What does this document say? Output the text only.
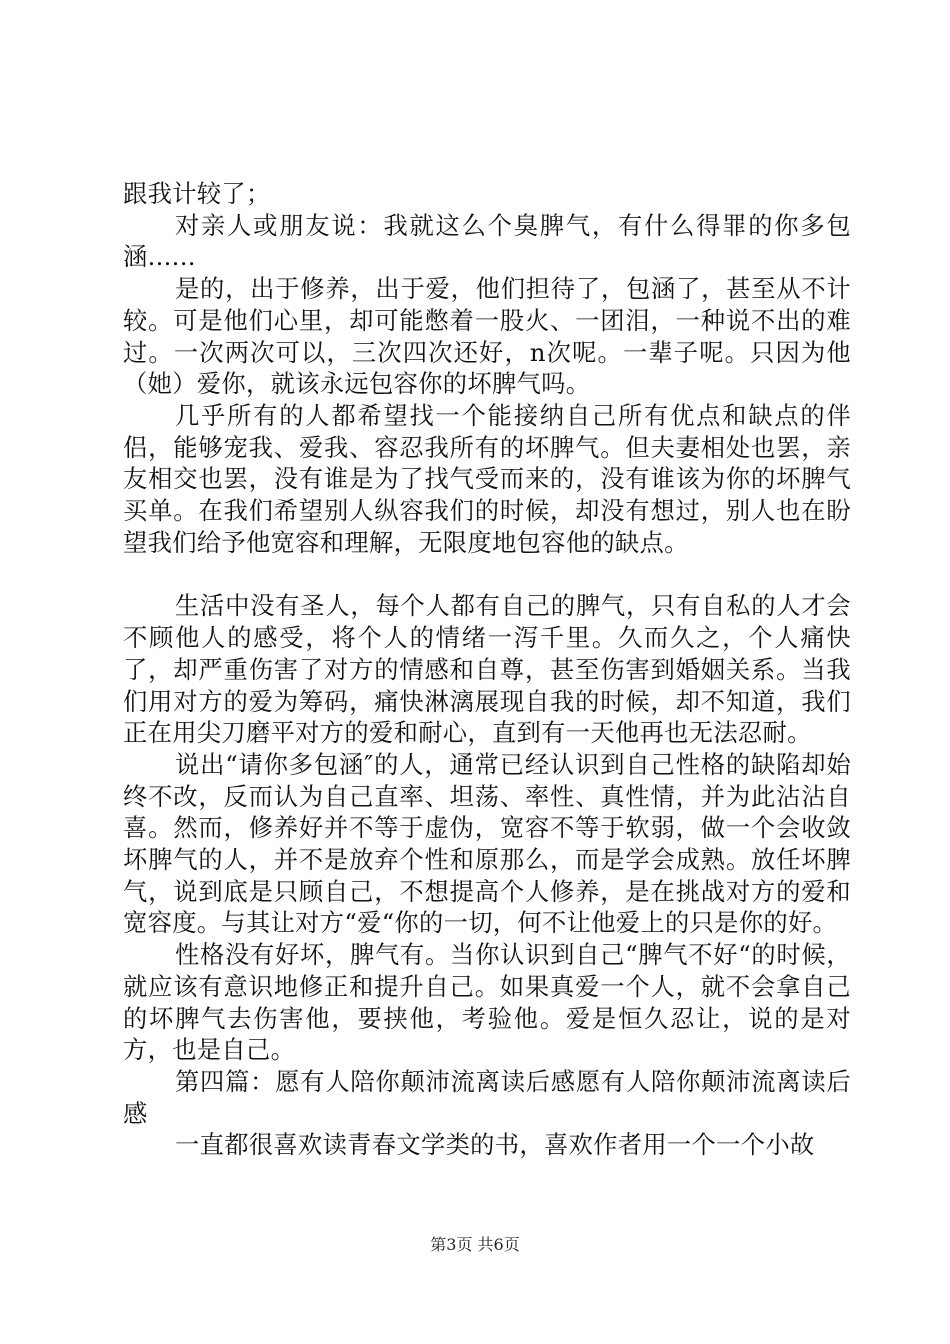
跟我计较了；

对亲人或朋友说：我就这么个臭脾气，有什么得罪的你多包涵......

是的，出于修养，出于爱，他们担待了，包涵了，甚至从不计较。可是他们心里，却可能憋着一股火、一团泪，一种说不出的难过。一次两次可以，三次四次还好，n次呢。一辈子呢。只因为他（她）爱你，就该永远包容你的坏脾气吗。

几乎所有的人都希望找一个能接纳自己所有优点和缺点的伴侣，能够宠我、爱我、容忍我所有的坏脾气。但夫妻相处也罢，亲友相交也罢，没有谁是为了找气受而来的，没有谁该为你的坏脾气买单。在我们希望别人纵容我们的时候，却没有想过，别人也在盼望我们给予他宽容和理解，无限度地包容他的缺点。

生活中没有圣人，每个人都有自己的脾气，只有自私的人才会不顾他人的感受，将个人的情绪一泻千里。久而久之，个人痛快了，却严重伤害了对方的情感和自尊，甚至伤害到婚姻关系。当我们用对方的爱为筹码，痛快淋漓展现自我的时候，却不知道，我们正在用尖刀磨平对方的爱和耐心，直到有一天他再也无法忍耐。

说出“请你多包涵″的人，通常已经认识到自己性格的缺陷却始终不改，反而认为自己直率、坦荡、率性、真性情，并为此沾沾自喜。然而，修养好并不等于虚伪，宽容不等于软弱，做一个会收敛坏脾气的人，并不是放弃个性和原那么，而是学会成熟。放任坏脾气，说到底是只顾自己，不想提高个人修养，是在挑战对方的爱和宽容度。与其让对方“爱“你的一切，何不让他爱上的只是你的好。

性格没有好坏，脾气有。当你认识到自己“脾气不好“的时候，就应该有意识地修正和提升自己。如果真爱一个人，就不会拿自己的坏脾气去伤害他，要挟他，考验他。爱是恒久忍让，说的是对方，也是自己。

第四篇：愿有人陪你颠沛流离读后感愿有人陪你颠沛流离读后感

一直都很喜欢读青春文学类的书，喜欢作者用一个一个小故

第3页 共6页
